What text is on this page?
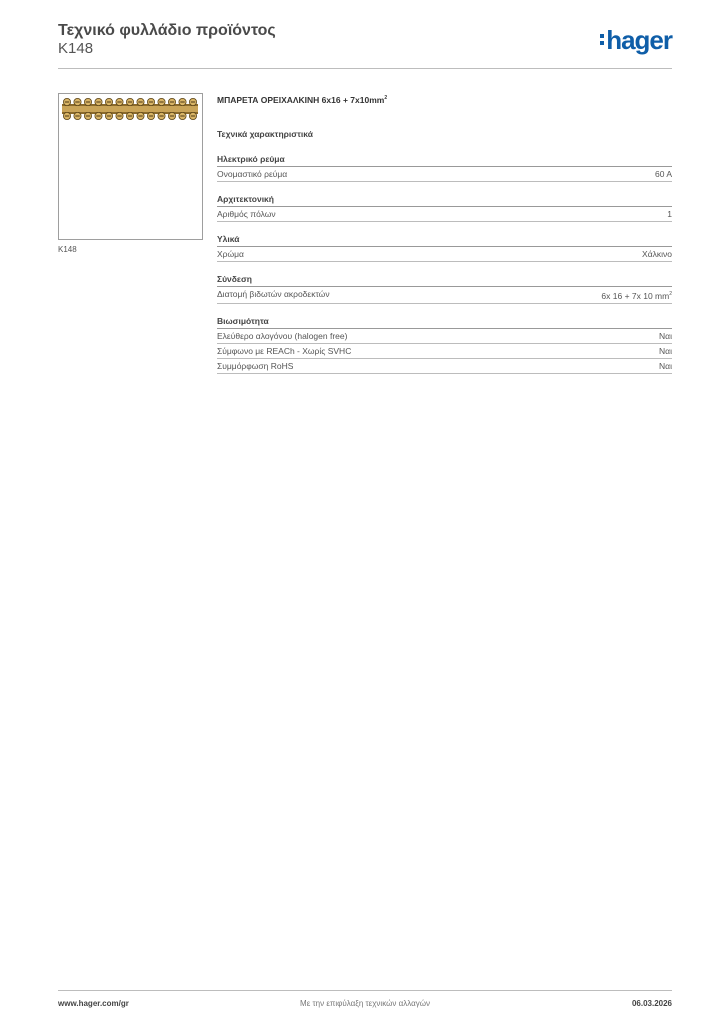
Τεχνικό φυλλάδιο προϊόντος
K148	hager
K148
ΜΠΑΡΕΤΑ ΟΡΕΙΧΑΛΚΙΝΗ $6x16 + 7x10mm^2$
Τεχνικά χαρακτηριστικά
Ηλεκτρικό ρεύμα
Ονομαστικό ρεύμα	60 A
Αρχιτεκτονική
Αριθμός πόλων	1
Υλικά
Χρώμα	Χάλκινο
Σύνδεση
Διατομή βιδωτών ακροδεκτών	6x 16 + 7x 10 $mm^2$
Βιωσιμότητα
Ελεύθερο αλογόνου (halogen free)	Ναι
Σύμφωνο με REACh - Χωρίς SVHC	Ναι
Συμμόρφωση RoHS	Ναι
www.hager.com/gr	Με την επιφύλαξη τεχνικών αλλαγών	06.03.2026
